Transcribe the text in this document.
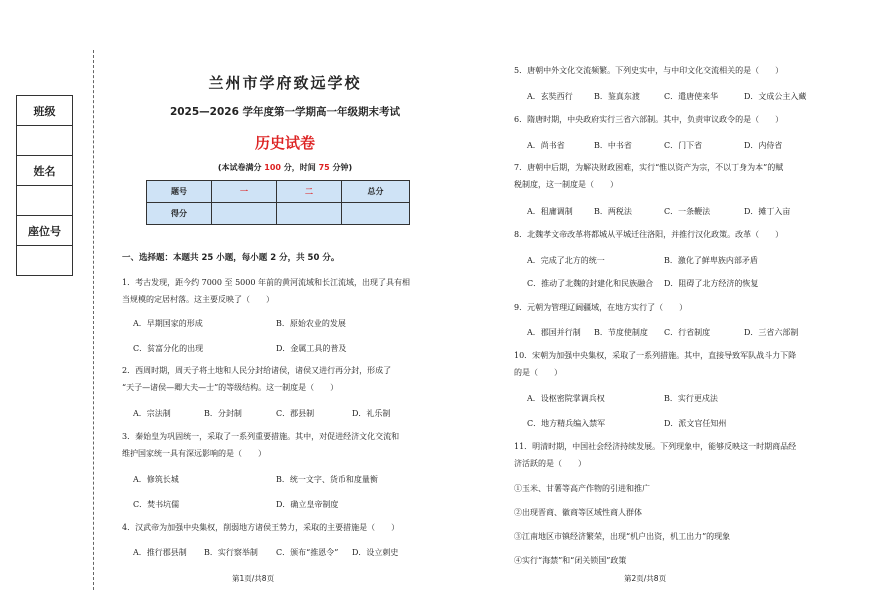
班级

姓名

座位号

兰州市学府致远学校
2025—2026 学年度第一学期高一年级期末考试
历史试卷
(本试卷满分 100 分，时间 75 分钟)
题号	一	二	总分
得分			
一、选择题：本题共 25 小题，每小题 2 分，共 50 分。
1．考古发现，距今约 7000 至 5000 年前的黄河流域和长江流域，出现了具有相
当规模的定居村落。这主要反映了（　　）
A．早期国家的形成	B．原始农业的发展
C．贫富分化的出现	D．金属工具的普及
2．西周时期，周天子将土地和人民分封给诸侯，诸侯又进行再分封，形成了
“天子—诸侯—卿大夫—士”的等级结构。这一制度是（　　）
A．宗法制	B．分封制	C．郡县制	D．礼乐制
3．秦始皇为巩固统一，采取了一系列重要措施。其中，对促进经济文化交流和
维护国家统一具有深远影响的是（　　）
A．修筑长城	B．统一文字、货币和度量衡
C．焚书坑儒	D．确立皇帝制度
4．汉武帝为加强中央集权，削弱地方诸侯王势力，采取的主要措施是（　　）
A．推行郡县制 B．实行察举制 C．颁布“推恩令” D．设立刺史
5．唐朝中外文化交流频繁。下列史实中，与中印文化交流相关的是（　　）
A．玄奘西行	B．鉴真东渡	C．遣唐使来华	D．文成公主入藏
6．隋唐时期，中央政府实行三省六部制。其中，负责审议政令的是（　　）
A．尚书省	B．中书省	C．门下省	D．内侍省
7．唐朝中后期，为解决财政困难，实行“惟以资产为宗，不以丁身为本”的赋
税制度，这一制度是（　　）
A．租庸调制	B．两税法	C．一条鞭法	D．摊丁入亩
8．北魏孝文帝改革将都城从平城迁往洛阳，并推行汉化政策。改革（　　）
A．完成了北方的统一	B．激化了鲜卑族内部矛盾
C．推动了北魏的封建化和民族融合 D．阻碍了北方经济的恢复
9．元朝为管理辽阔疆域，在地方实行了（　　）
A．郡国并行制 B．节度使制度 C．行省制度	D．三省六部制
10．宋朝为加强中央集权，采取了一系列措施。其中，直接导致军队战斗力下降
的是（　　）
A．设枢密院掌调兵权	B．实行更戍法
C．地方精兵编入禁军	D．派文官任知州
11．明清时期，中国社会经济持续发展。下列现象中，能够反映这一时期商品经
济活跃的是（　　）
①玉米、甘薯等高产作物的引进和推广
②出现晋商、徽商等区域性商人群体
③江南地区市镇经济繁荣，出现“机户出资，机工出力”的现象
④实行“海禁”和“闭关锁国”政策
第1页/共8页	第2页/共8页
